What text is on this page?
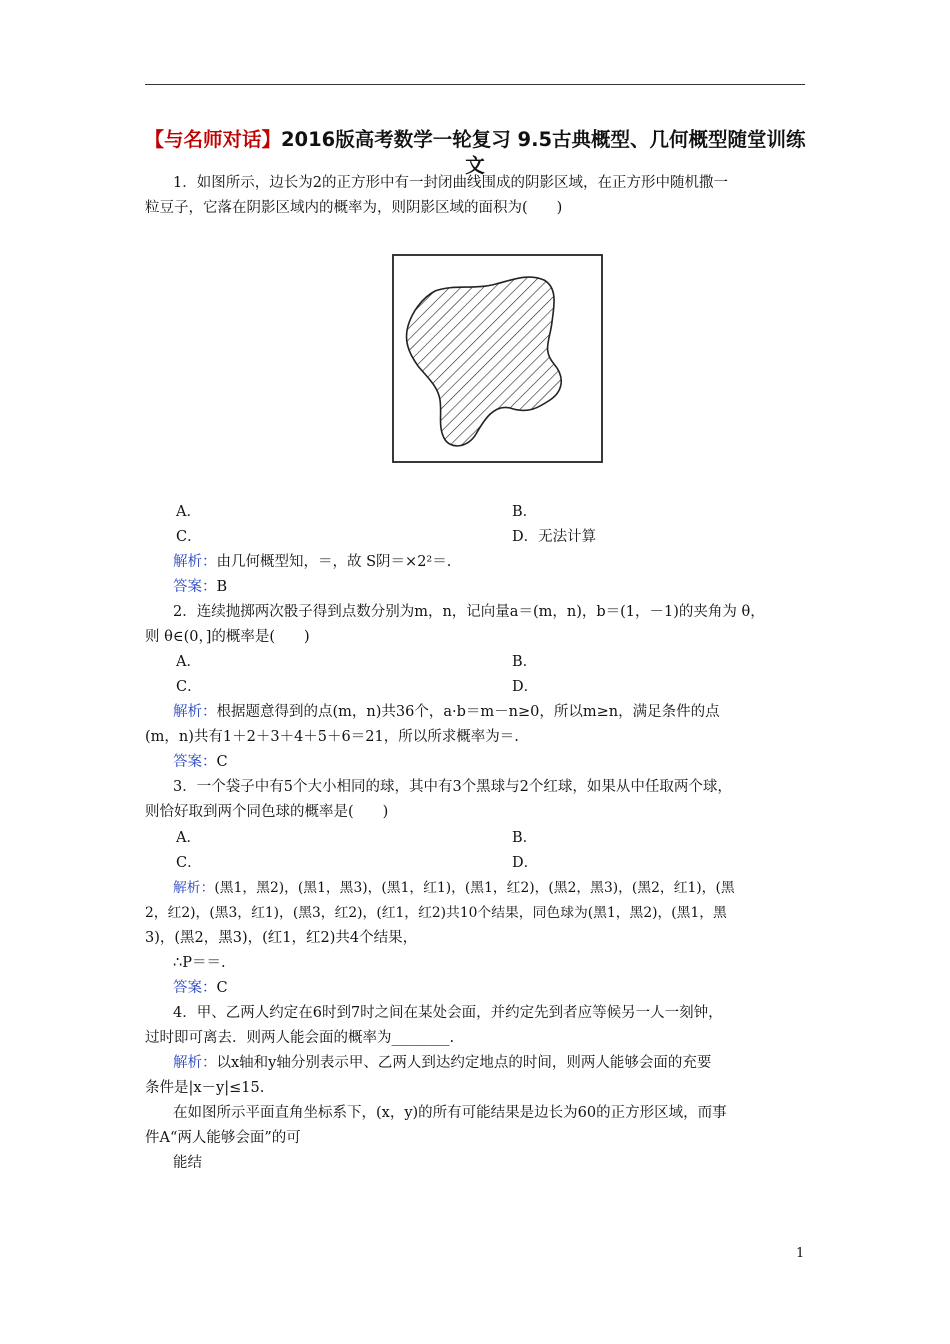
【与名师对话】2016版高考数学一轮复习 9.5古典概型、几何概型随堂训练 文
1．如图所示，边长为2的正方形中有一封闭曲线围成的阴影区域，在正方形中随机撒一
粒豆子，它落在阴影区域内的概率为，则阴影区域的面积为(　　)
A．	B．
C．	D．无法计算
解析：由几何概型知，＝，故 S阴＝×2²＝.
答案：B
2．连续抛掷两次骰子得到点数分别为m，n，记向量a＝(m，n)，b＝(1，－1)的夹角为 θ，
则 θ∈(0，]的概率是(　　)
A．	B．
C．	D．
解析：根据题意得到的点(m，n)共36个，a·b＝m－n≥0，所以m≥n，满足条件的点
(m，n)共有1＋2＋3＋4＋5＋6＝21，所以所求概率为＝.
答案：C
3．一个袋子中有5个大小相同的球，其中有3个黑球与2个红球，如果从中任取两个球，
则恰好取到两个同色球的概率是(　　)
A．	B．
C．	D．
解析：(黑1，黑2)，(黑1，黑3)，(黑1，红1)，(黑1，红2)，(黑2，黑3)，(黑2，红1)，(黑
2，红2)，(黑3，红1)，(黑3，红2)，(红1，红2)共10个结果，同色球为(黑1，黑2)，(黑1，黑
3)，(黑2，黑3)，(红1，红2)共4个结果，
∴P＝＝.
答案：C
4．甲、乙两人约定在6时到7时之间在某处会面，并约定先到者应等候另一人一刻钟，
过时即可离去．则两人能会面的概率为________.
解析：以x轴和y轴分别表示甲、乙两人到达约定地点的时间，则两人能够会面的充要
条件是|x－y|≤15.
在如图所示平面直角坐标系下，(x，y)的所有可能结果是边长为60的正方形区域，而事
件A“两人能够会面”的可
能结
1
